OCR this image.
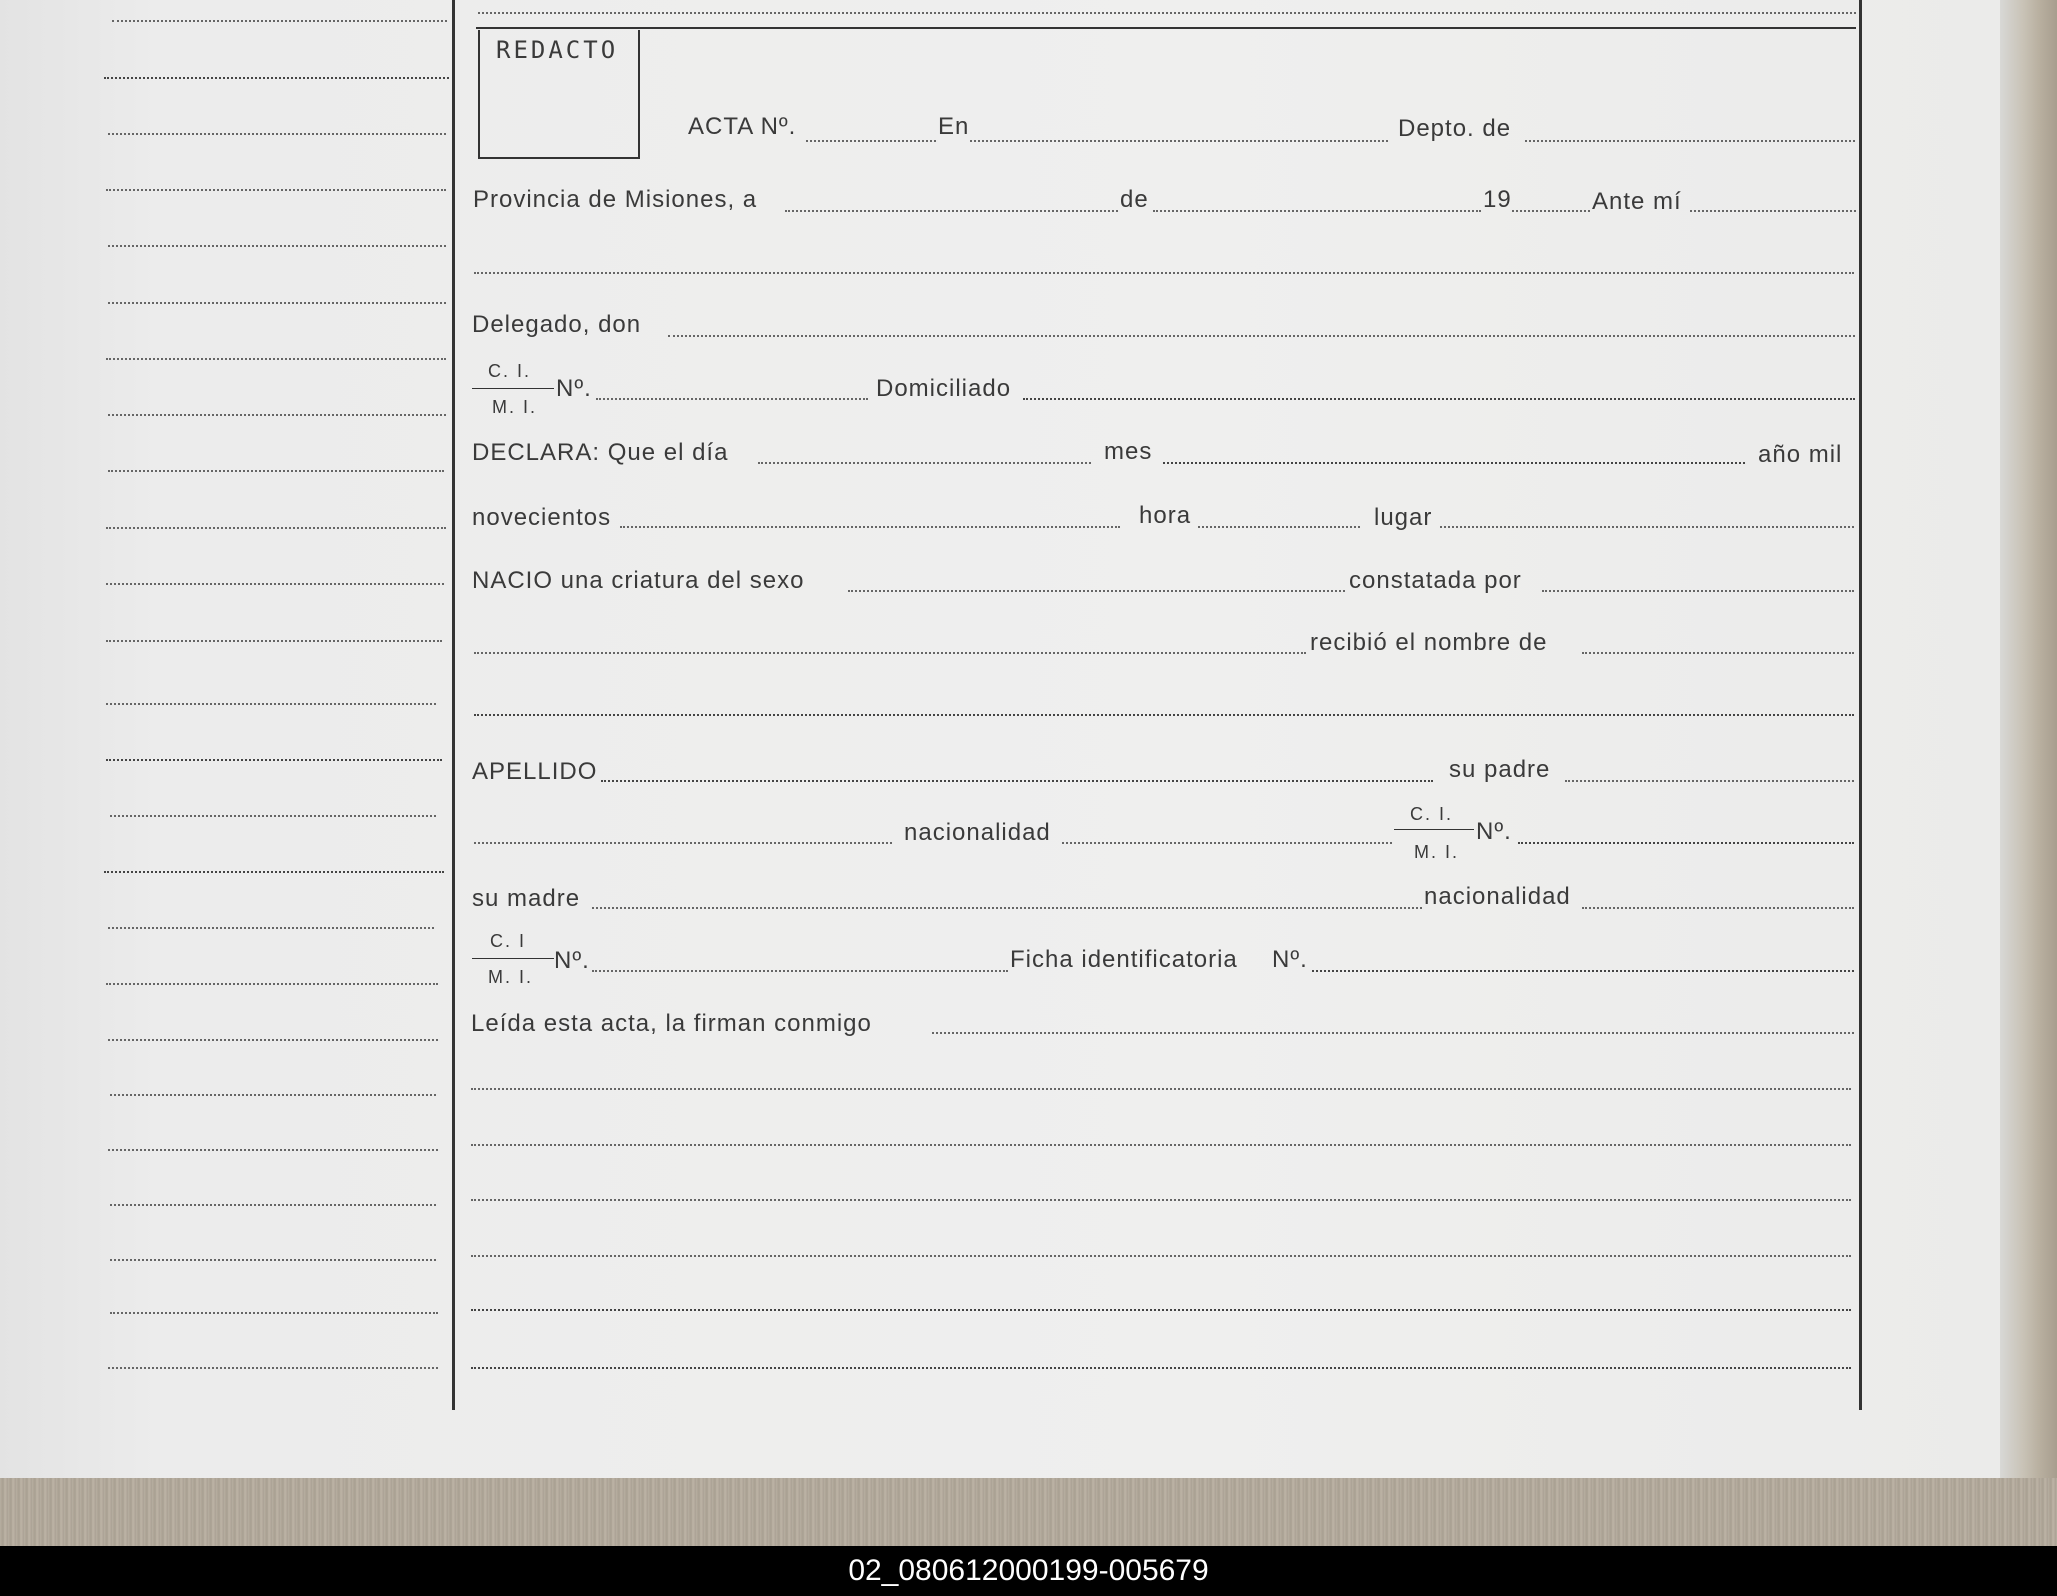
REDACTO
ACTA Nº.	En	Depto. de
Provincia de Misiones, a	de	19	Ante mí
Delegado, don
C. I.
M. I.
Nº.	Domiciliado
DECLARA: Que el día	mes	año mil
novecientos	hora	lugar
NACIO una criatura del sexo	constatada por
recibió el nombre de
APELLIDO	su padre
nacionalidad
C. I.
M. I.
Nº.
su madre	nacionalidad
C. I
M. I.
Nº.	Ficha identificatoria Nº.
Leída esta acta, la firman conmigo
02_080612000199-005679
